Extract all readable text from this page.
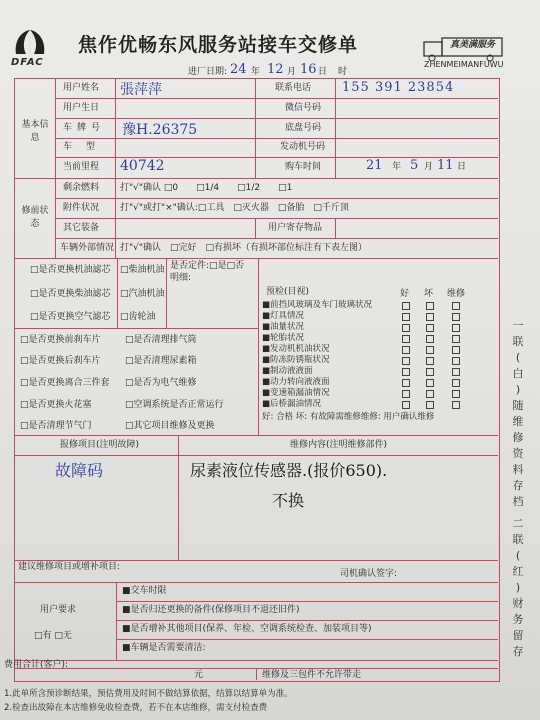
DFAC
焦作优畅东风服务站接车交修单	真美满服务
ZHENMEIMANFUWU
进厂日期: 24 年 12 月 16 日 时
基本信息
用户姓名 張萍萍	联系电话 155 391 23854
用户生日	微信号码
车牌号 豫H.26375	底盘号码
车型	发动机号码
当前里程 40742	购车时间	21 年 5 月 11 日
修前状态
剩余燃料 打"√"确认 □0　　□1/4　　□1/2　　□1
附件状况 打"√"或打"×"确认:□工具　□灭火器　□备胎　□千斤顶
其它装备	用户寄存物品
车辆外部情况 打"√"确认　□完好　□有损坏（有损坏部位标注有下表左图）
□是否更换机油滤芯 □柴油机油
□是否更换柴油滤芯 □汽油机油
□是否更换空气滤芯 □齿轮油
是否定件:□是□否
明细:
□是否更换前刹车片	□是否清理排气筒
□是否更换后刹车片	□是否清理尿素箱
□是否更换离合三件套 □是否为电气维修
□是否更换火花塞	□空调系统是否正常运行
□是否清理节气门	□其它项目维修及更换
预检(目视)	好 坏 维修
■前挡风玻璃及车门玻璃状况
■灯具情况
■油量状况
■轮胎状况
■发动机机油状况
■防冻防锈瓶状况
■制动液液面
■动力转向液液面
■变速箱漏油情况
■后桥漏油情况
好: 合格 坏: 有故障需维修维修: 用户确认维修
报修项目(注明故障)	维修内容(注明维修部件)
故障码	尿素液位传感器.(报价650).
不换
建议维修项目或增补项目:
司机确认签字:
用户要求
□有 □无
■交车时限
■是否归还更换的备件(保修项目不退还旧件)
■是否增补其他项目(保养、年检、空调系统检查、加装项目等)
■车辆是否需要清洁:
费用合计(客户):
元	维修及三包件不允许带走
1.此单所含预诊断结果，预估费用及时间不做结算依据，结算以结算单为准。
2.检查出故障在本店维修免收检查费，若不在本店维修，需支付检查费
一
联
(
白
)
随
维
修
资
料
存
档
二
联
(
红
)
财
务
留
存
